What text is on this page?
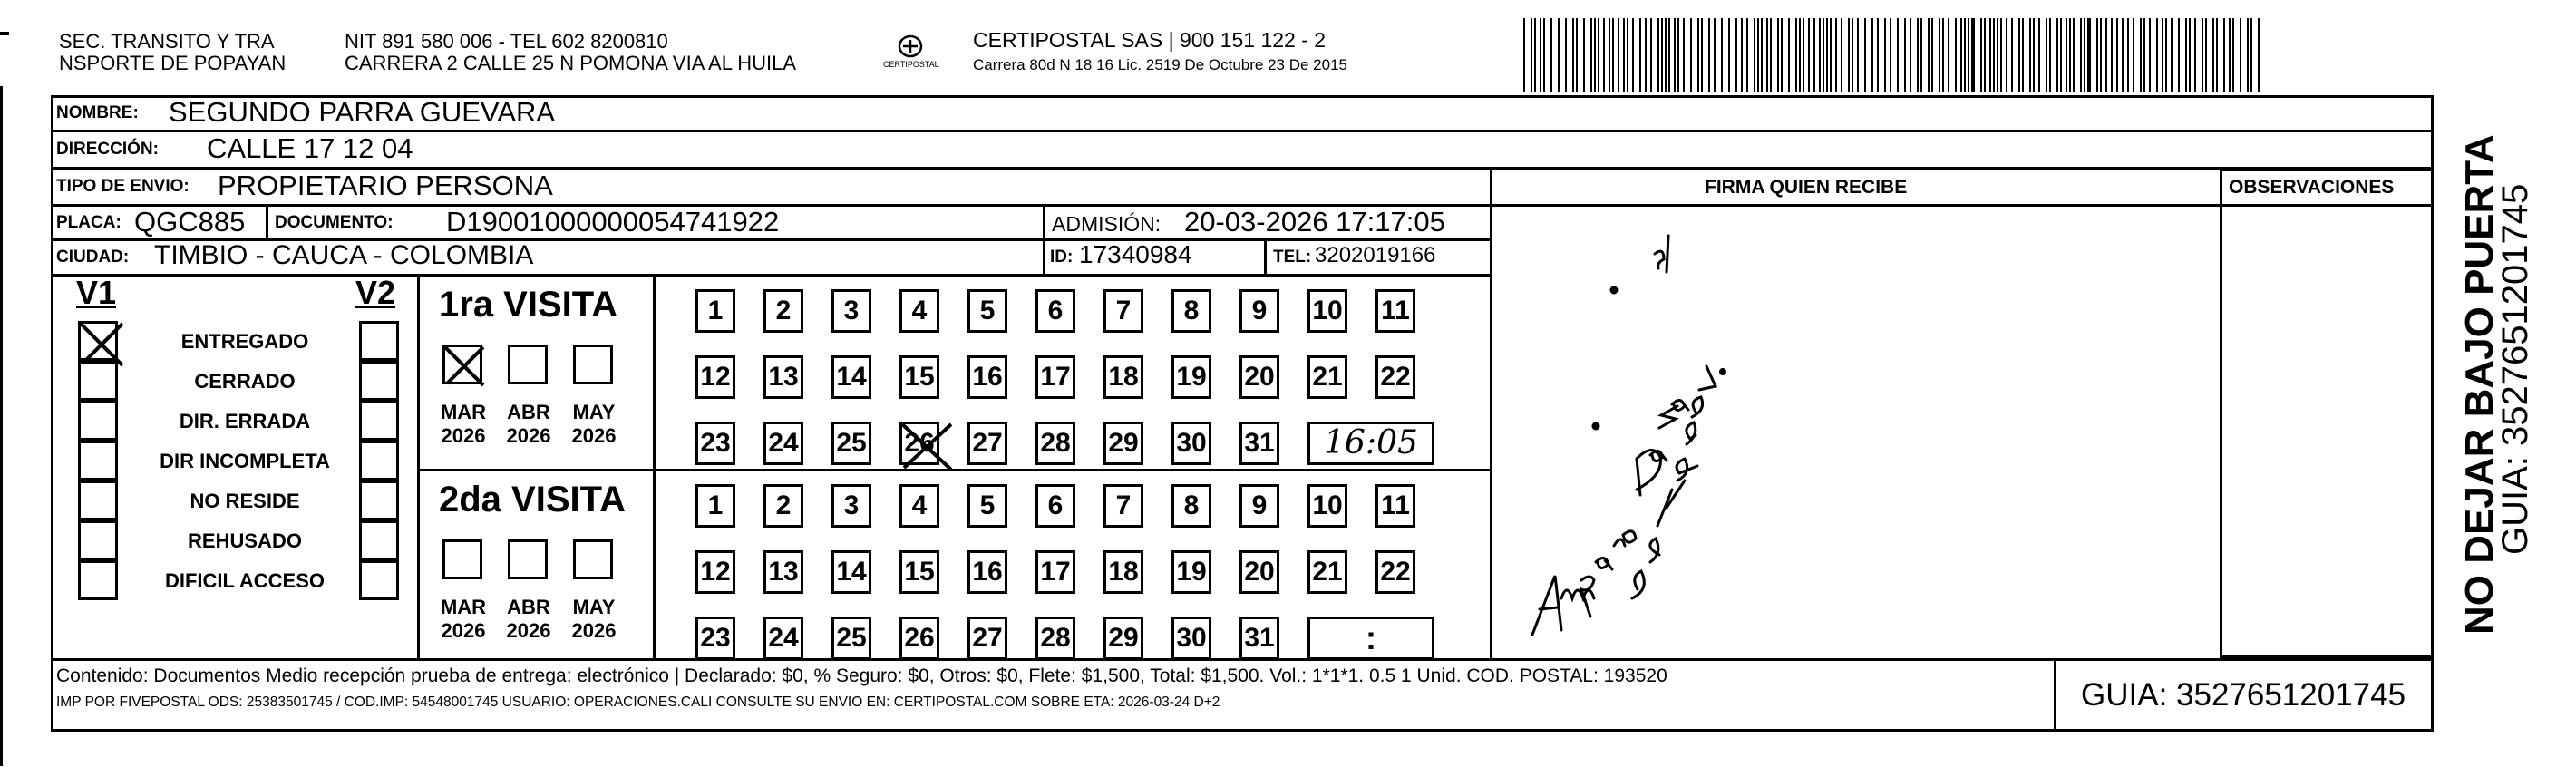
SEC. TRANSITO Y TRA
NSPORTE DE POPAYAN
NIT 891 580 006 - TEL 602 8200810
CARRERA 2 CALLE 25 N POMONA VIA AL HUILA	CERTIPOSTAL
CERTIPOSTAL SAS | 900 151 122 - 2
Carrera 80d N 18 16 Lic. 2519 De Octubre 23 De 2015
NOMBRE: SEGUNDO PARRA GUEVARA
DIRECCIÓN: CALLE 17 12 04
TIPO DE ENVIO: PROPIETARIO PERSONA	FIRMA QUIEN RECIBE	OBSERVACIONES
PLACA: QGC885 DOCUMENTO: D19001000000054741922	ADMISIÓN: 20-03-2026 17:17:05
CIUDAD: TIMBIO - CAUCA - COLOMBIA	ID: 17340984	TEL: 3202019166
V1	V2
ENTREGADO
CERRADO
DIR. ERRADA
DIR INCOMPLETA
NO RESIDE
REHUSADO
DIFICIL ACCESO
1ra VISITA
MAR
2026
ABR
2026
MAY
2026
1	2	3	4	5	6	7	8	9	10 11
12 13 14 15 16 17 18 19 20 21 22
23 24 25 26 27 28 29 30 31	16:05
2da VISITA
MAR
2026
ABR
2026
MAY
2026
1	2	3	4	5	6	7	8	9	10 11
12 13 14 15 16 17 18 19 20 21 22
23 24 25 26 27 28 29 30 31	:
Contenido: Documentos Medio recepción prueba de entrega: electrónico | Declarado: $0, % Seguro: $0, Otros: $0, Flete: $1,500, Total: $1,500. Vol.: 1*1*1. 0.5 1 Unid. COD. POSTAL: 193520
IMP POR FIVEPOSTAL ODS: 25383501745 / COD.IMP: 54548001745 USUARIO: OPERACIONES.CALI CONSULTE SU ENVIO EN: CERTIPOSTAL.COM SOBRE ETA: 2026-03-24 D+2	GUIA: 3527651201745
NO DEJAR BAJO PUERTA
GUIA: 3527651201745
